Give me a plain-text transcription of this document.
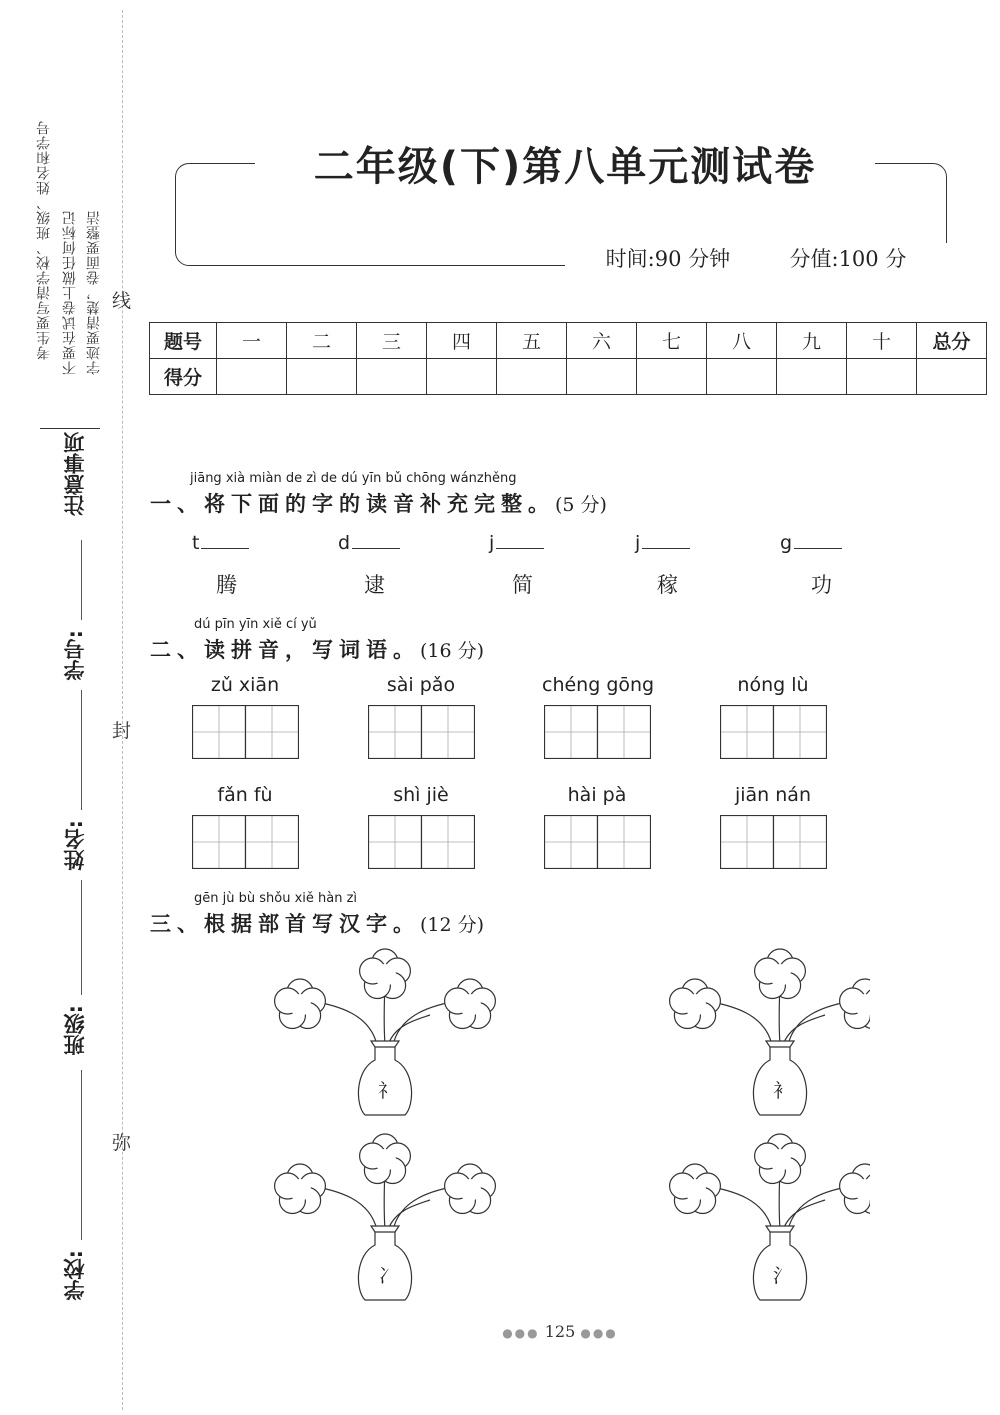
考生要写清学校、班级、姓名和学号 不要在试卷上做任何标记 字迹要清楚，卷面要整洁
注意事项
学号:
姓名:
班级:
学校:
线
封
弥
二年级(下)第八单元测试卷
时间:90 分钟	分值:100 分
题号	一	二	三	四	五	六	七	八	九	十	总分
得分											
jiāng xià miàn de zì de dú yīn bǔ chōng wánzhěng
一、将下面的字的读音补充完整。(5 分)
t	d	j	j	g
腾	逮	简	稼	功
dú pīn yīn xiě cí yǔ
二、读拼音，写词语。(16 分)
zǔ xiān	sài pǎo	chéng gōng	nóng lù
fǎn fù	shì jiè	hài pà	jiān nán
gēn jù bù shǒu xiě hàn zì
三、根据部首写汉字。(12 分)
礻	衤
冫	氵
●●● 125 ●●●
